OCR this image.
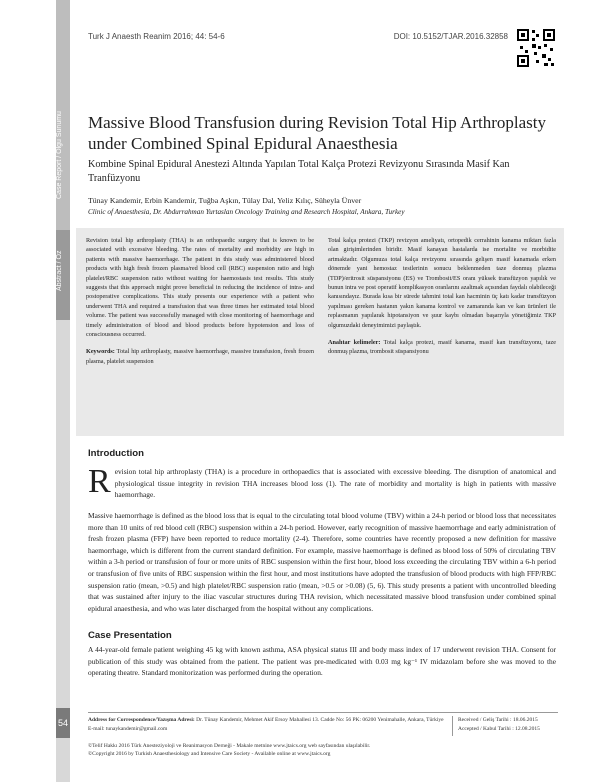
Case Report / Olgu Sunumu
Abstract / Öz
54
Turk J Anaesth Reanim 2016; 44: 54-6	DOI: 10.5152/TJAR.2016.32858
Massive Blood Transfusion during Revision Total Hip Arthroplasty under Combined Spinal Epidural Anaesthesia

Kombine Spinal Epidural Anestezi Altında Yapılan Total Kalça Protezi Revizyonu Sırasında Masif Kan Tranfüzyonu

Tünay Kandemir, Erbin Kandemir, Tuğba Aşkın, Tülay Dal, Yeliz Kılıç, Süheyla Ünver
Clinic of Anaesthesia, Dr. Abdurrahman Yurtaslan Oncology Training and Research Hospital, Ankara, Turkey
Revision total hip arthroplasty (THA) is an orthopaedic surgery that is known to be associated with excessive bleeding. The rates of mortality and morbidity are high in patients with massive haemorrhage. The patient in this study was administered blood products with high fresh frozen plasma/red blood cell (RBC) suspension ratio and high platelet/RBC suspension ratio without waiting for haemostasis test results. This study suggests that this approach might prove beneficial in reducing the incidence of intra- and postoperative complications. This study presents our experience with a patient who underwent THA and required a transfusion that was three times her estimated total blood volume. The patient was successfully managed with close monitoring of haemorrhage and timely administration of blood and blood products before hypotension and loss of consciousness occurred.
Keywords: Total hip arthroplasty, massive haemorrhage, massive transfusion, fresh frozen plasma, platelet suspension
Total kalça protezi (TKP) revizyon ameliyatı, ortopedik cerrahinin kanama miktarı fazla olan girişimlerinden biridir. Masif kanayan hastalarda ise mortalite ve morbidite artmaktadır. Olgumuza total kalça revizyonu sırasında gelişen masif kanamada erken dönemde yani hemostaz testlerinin sonucu beklenmeden taze donmuş plazma (TDP)/eritrosit süspansiyonu (ES) ve Trombosit/ES oranı yüksek transfüzyon yapılık ve bunun intra ve post operatif komplikasyon oranlarını azaltmak açısından faydalı olabileceği kanısındayız. Burada kısa bir sürede tahmini total kan hacminin üç katı kadar transfüzyon yapılması gereken hastanın yakın kanama kontrol ve zamanında kan ve kan ürünleri ile replasmanın yapılarak hipotansiyon ve şuur kaybı olmadan başarıyla yönetiğimiz TKP olgumuzdaki deneyimimizi paylaştık.
Anahtar kelimeler: Total kalça protezi, masif kanama, masif kan transfüzyonu, taze donmuş plazma, trombosit süspansiyonu
Introduction

Revision total hip arthroplasty (THA) is a procedure in orthopaedics that is associated with excessive bleeding. The disruption of anatomical and physiological tissue integrity in revision THA increases blood loss (1). The rate of morbidity and mortality is high in patients with massive haemorrhage.

Massive haemorrhage is defined as the blood loss that is equal to the circulating total blood volume (TBV) within a 24-h period or blood loss that necessitates more than 10 units of red blood cell (RBC) suspension within a 24-h period. However, early recognition of massive haemorrhage and early administration of fresh frozen plasma (FFP) have been reported to reduce mortality (2-4). Therefore, some countries have recently proposed a new definition for massive haemorrhage, which is different from the current standard definition. For example, massive haemorrhage is defined as blood loss of 50% of circulating TBV within a 3-h period or transfusion of four or more units of RBC suspension within the first hour, blood loss exceeding the circulating TBV within a 6-h period or transfusion of five units of RBC suspension within the first hour, and most institutions have adopted the transfusion of blood products with high FFP/RBC suspension ratio (mean, >0.5) and high platelet/RBC suspension ratio (mean, >0.5 or >0.08) (5, 6). This study presents a patient with uncontrolled bleeding that was sustained after injury to the iliac vascular structures during THA revision, which necessitated massive blood transfusion under combined spinal epidural anaesthesia, and who was later discharged from the hospital without any complications.

Case Presentation

A 44-year-old female patient weighing 45 kg with known asthma, ASA physical status III and body mass index of 17 underwent revision THA. Consent for publication of this study was obtained from the patient. The patient was pre-medicated with 0.03 mg kg⁻¹ IV midazolam before she was moved to the operating theatre. Standard monitorization was performed during the operation.

Address for Correspondence/Yazışma Adresi: Dr. Tünay Kandemir, Mehmet Akif Ersoy Mahallesi 13. Cadde No: 56 PK: 06200 Yenimahalle, Ankara, Türkiye E-mail: tunaykandemir@gmail.com
Received / Geliş Tarihi : 18.06.2015
Accepted / Kabul Tarihi : 12.08.2015
©Telif Hakkı 2016 Türk Anesteziyoloji ve Reanimasyon Derneği - Makale metnine www.jtaics.org web sayfasından ulaşılabilir.
©Copyright 2016 by Turkish Anaesthesiology and Intensive Care Society - Available online at www.jtaics.org
